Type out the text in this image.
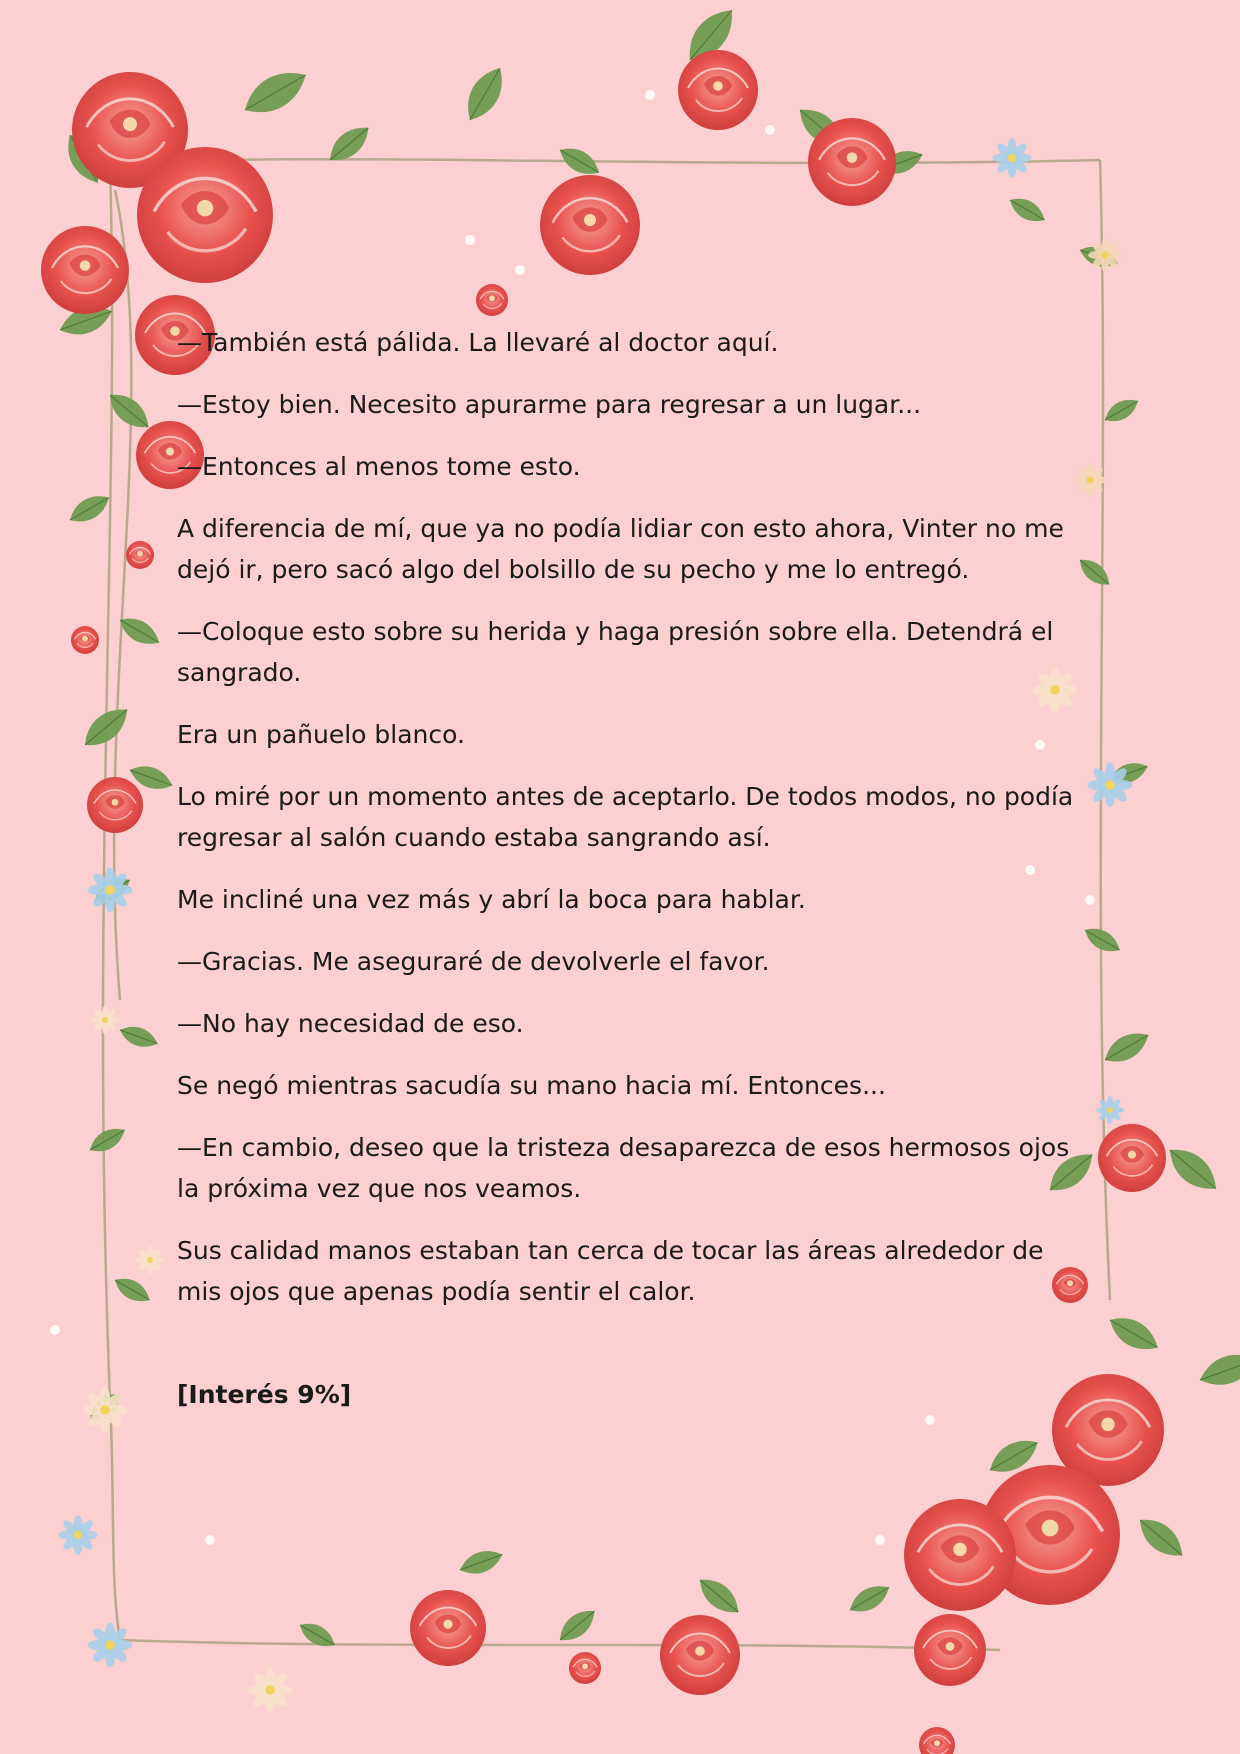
—También está pálida. La llevaré al doctor aquí.

—Estoy bien. Necesito apurarme para regresar a un lugar...

—Entonces al menos tome esto.

A diferencia de mí, que ya no podía lidiar con esto ahora, Vinter no me dejó ir, pero sacó algo del bolsillo de su pecho y me lo entregó.

—Coloque esto sobre su herida y haga presión sobre ella. Detendrá el sangrado.

Era un pañuelo blanco.

Lo miré por un momento antes de aceptarlo. De todos modos, no podía regresar al salón cuando estaba sangrando así.

Me incliné una vez más y abrí la boca para hablar.

—Gracias. Me aseguraré de devolverle el favor.

—No hay necesidad de eso.

Se negó mientras sacudía su mano hacia mí. Entonces...

—En cambio, deseo que la tristeza desaparezca de esos hermosos ojos la próxima vez que nos veamos.

Sus calidad manos estaban tan cerca de tocar las áreas alrededor de mis ojos que apenas podía sentir el calor.

[Interés 9%]
